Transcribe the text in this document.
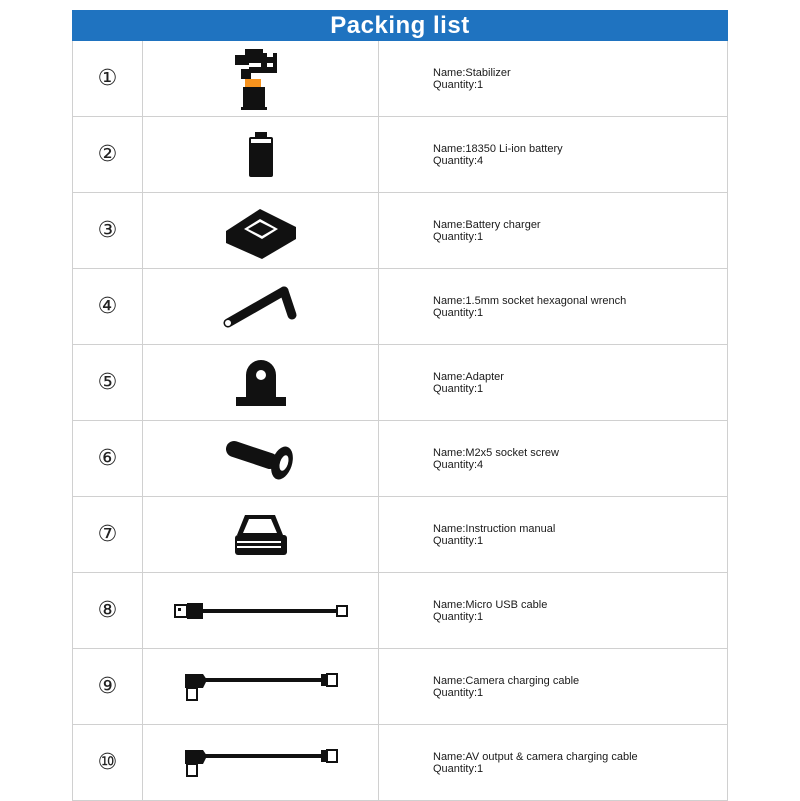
Packing list
①	Name:Stabilizer
Quantity:1
②	Name:18350 Li-ion battery
Quantity:4
③	Name:Battery charger
Quantity:1
④	Name:1.5mm socket hexagonal wrench
Quantity:1
⑤	Name:Adapter
Quantity:1
⑥	Name:M2x5 socket screw
Quantity:4
⑦	Name:Instruction manual
Quantity:1
⑧	Name:Micro USB cable
Quantity:1
⑨	Name:Camera charging cable
Quantity:1
⑩	Name:AV output & camera charging cable
Quantity:1
